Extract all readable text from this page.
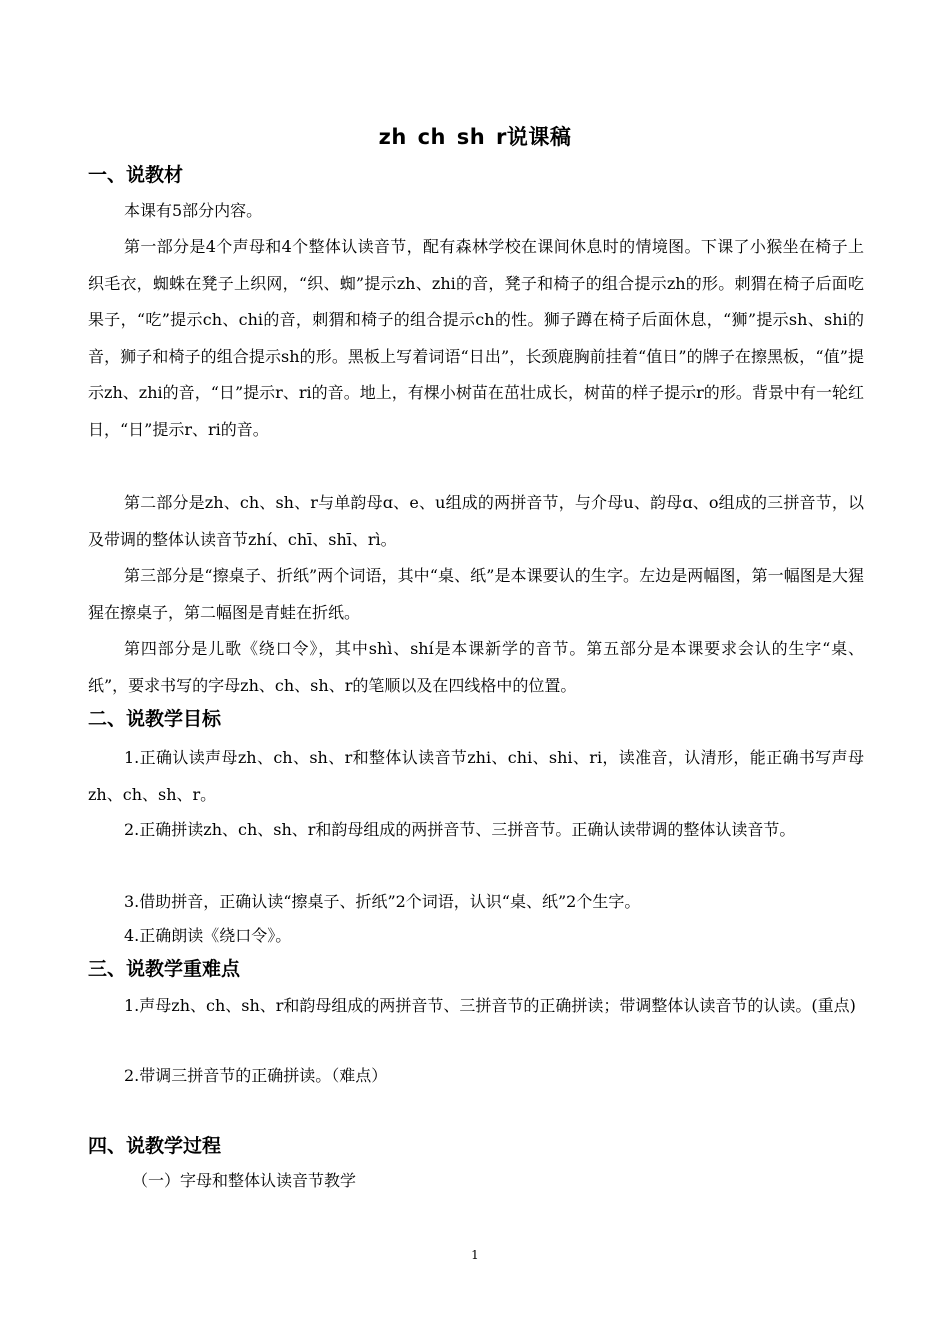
zh ch sh r说课稿
一、说教材

本课有5部分内容。

第一部分是4个声母和4个整体认读音节，配有森林学校在课间休息时的情境图。下课了小猴坐在椅子上织毛衣，蜘蛛在凳子上织网，“织、蜘”提示zh、zhi的音，凳子和椅子的组合提示zh的形。刺猬在椅子后面吃果子，“吃”提示ch、chi的音，刺猬和椅子的组合提示ch的性。狮子蹲在椅子后面休息，“狮”提示sh、shi的音，狮子和椅子的组合提示sh的形。黑板上写着词语“日出”，长颈鹿胸前挂着“值日”的牌子在擦黑板，“值”提示zh、zhi的音，“日”提示r、ri的音。地上，有棵小树苗在茁壮成长，树苗的样子提示r的形。背景中有一轮红日，“日”提示r、ri的音。

第二部分是zh、ch、sh、r与单韵母ɑ、e、u组成的两拼音节，与介母u、韵母ɑ、o组成的三拼音节，以及带调的整体认读音节zhí、chī、shī、rì。

第三部分是“擦桌子、折纸”两个词语，其中“桌、纸”是本课要认的生字。左边是两幅图，第一幅图是大猩猩在擦桌子，第二幅图是青蛙在折纸。

第四部分是儿歌《绕口令》，其中shì、shí是本课新学的音节。第五部分是本课要求会认的生字“桌、纸”，要求书写的字母zh、ch、sh、r的笔顺以及在四线格中的位置。

二、说教学目标

1.正确认读声母zh、ch、sh、r和整体认读音节zhi、chi、shi、ri，读准音，认清形，能正确书写声母zh、ch、sh、r。

2.正确拼读zh、ch、sh、r和韵母组成的两拼音节、三拼音节。正确认读带调的整体认读音节。

3.借助拼音，正确认读“擦桌子、折纸”2个词语，认识“桌、纸”2个生字。

4.正确朗读《绕口令》。

三、说教学重难点

1.声母zh、ch、sh、r和韵母组成的两拼音节、三拼音节的正确拼读；带调整体认读音节的认读。(重点)

2.带调三拼音节的正确拼读。（难点）

四、说教学过程
（一）字母和整体认读音节教学
1
